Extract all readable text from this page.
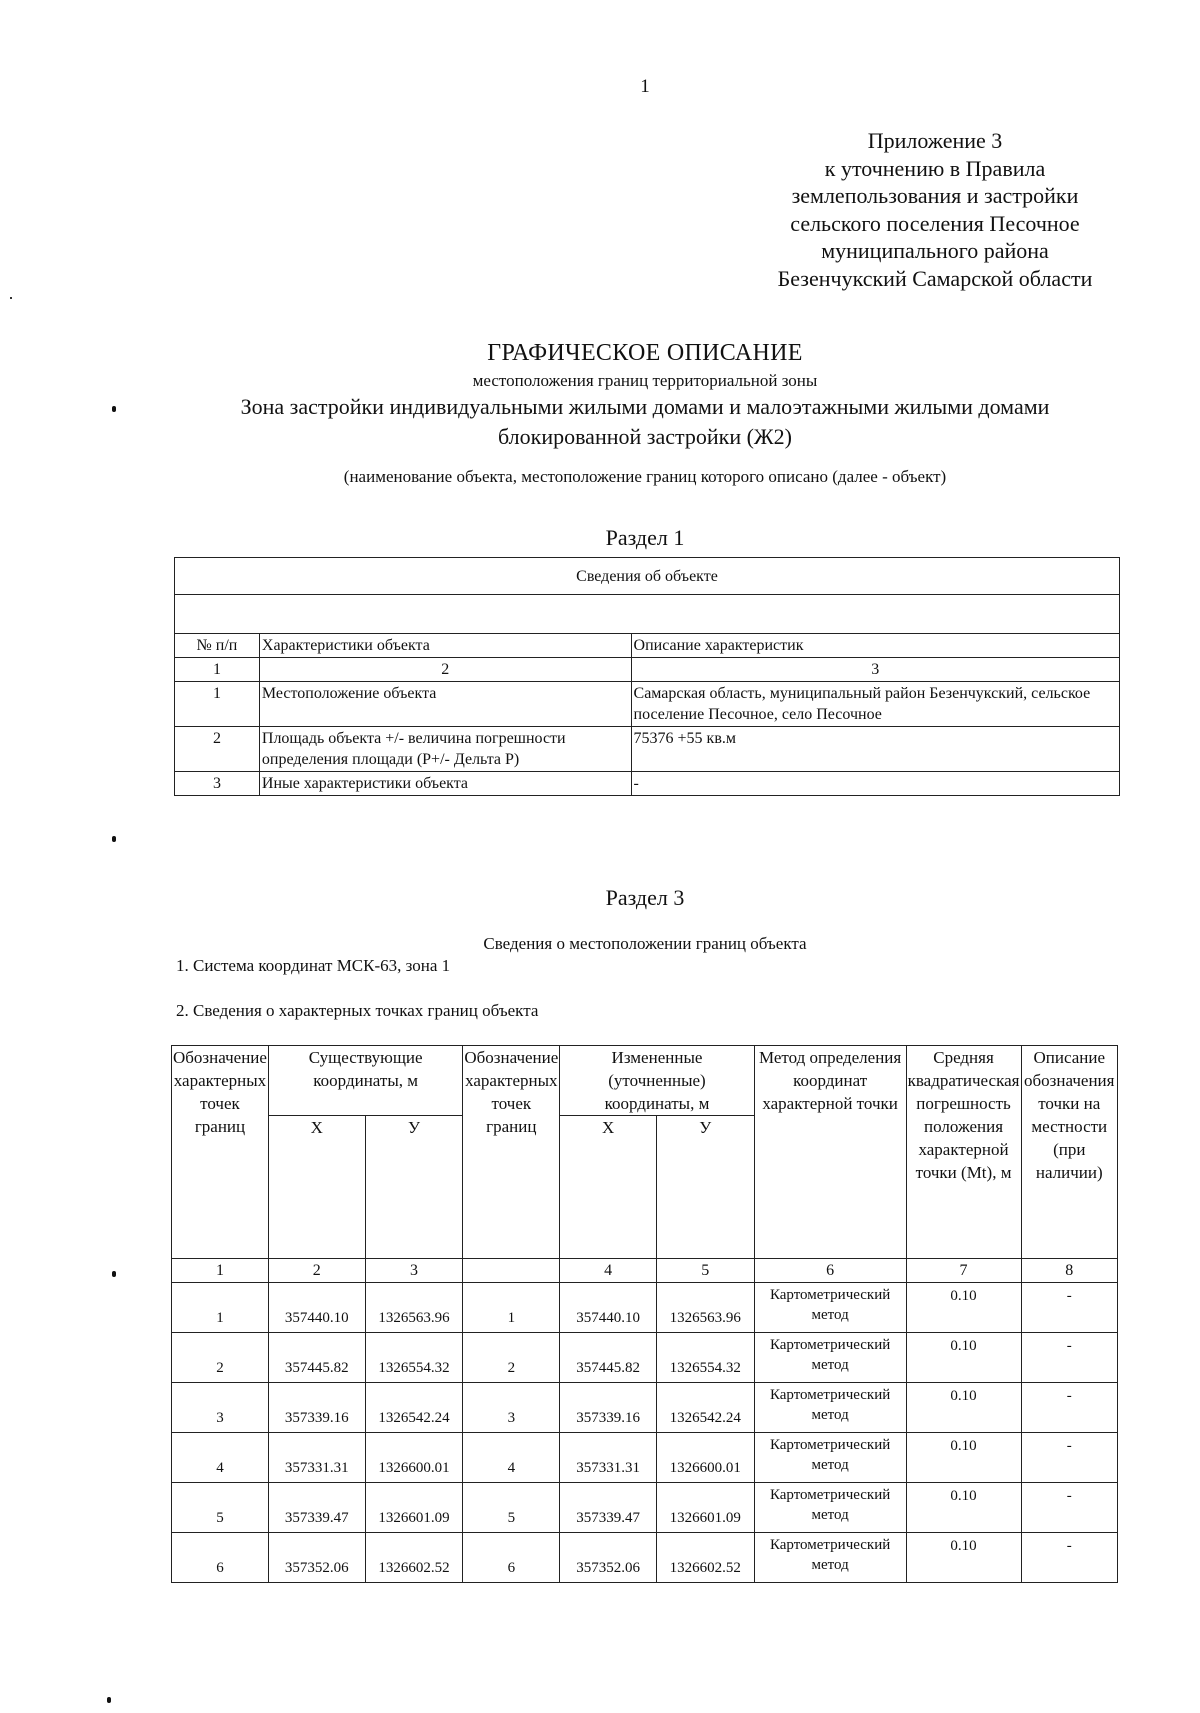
1
Приложение 3
к уточнению в Правила
землепользования и застройки
сельского поселения Песочное
муниципального района
Безенчукский Самарской области
ГРАФИЧЕСКОЕ ОПИСАНИЕ
местоположения границ территориальной зоны
Зона застройки индивидуальными жилыми домами и малоэтажными жилыми домами
блокированной застройки (Ж2)
(наименование объекта, местоположение границ которого описано (далее - объект)
Раздел 1
Сведения об объекте		

№ п/п	Характеристики объекта	Описание характеристик
1	2	3
1	Местоположение объекта	Самарская область, муниципальный район Безенчукский, сельское поселение Песочное, село Песочное
2	Площадь объекта +/- величина погрешности определения площади (P+/- Дельта P)	75376 +55 кв.м
3	Иные характеристики объекта	-
Раздел 3
Сведения о местоположении границ объекта
1. Система координат МСК-63, зона 1
2. Сведения о характерных точках границ объекта
Обозначение характерных точек границ	Существующие координаты, м		Обозначение характерных точек границ	Измененные (уточненные) координаты, м		Метод определения координат характерной точки	Средняя квадратическая погрешность положения характерной точки (Мt), м	Описание обозначения точки на местности (при наличии)
	Х	У		Х	У			
1	2	3		4	5	6	7	8
1	357440.10	1326563.96	1	357440.10	1326563.96	Картометрический метод	0.10	-
2	357445.82	1326554.32	2	357445.82	1326554.32	Картометрический метод	0.10	-
3	357339.16	1326542.24	3	357339.16	1326542.24	Картометрический метод	0.10	-
4	357331.31	1326600.01	4	357331.31	1326600.01	Картометрический метод	0.10	-
5	357339.47	1326601.09	5	357339.47	1326601.09	Картометрический метод	0.10	-
6	357352.06	1326602.52	6	357352.06	1326602.52	Картометрический метод	0.10	-
